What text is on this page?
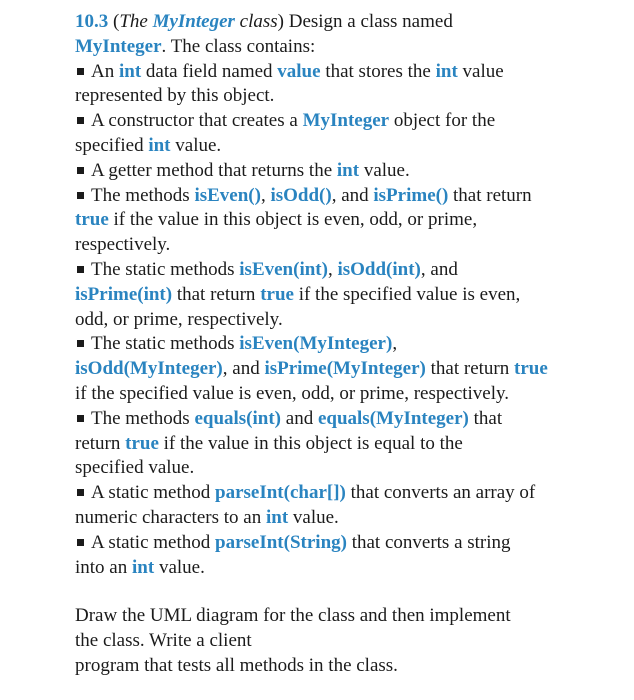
10.3 (The MyInteger class) Design a class named
MyInteger. The class contains:
An int data field named value that stores the int value
represented by this object.
A constructor that creates a MyInteger object for the
specified int value.
A getter method that returns the int value.
The methods isEven(), isOdd(), and isPrime() that return
true if the value in this object is even, odd, or prime,
respectively.
The static methods isEven(int), isOdd(int), and
isPrime(int) that return true if the specified value is even,
odd, or prime, respectively.
The static methods isEven(MyInteger),
isOdd(MyInteger), and isPrime(MyInteger) that return true
if the specified value is even, odd, or prime, respectively.
The methods equals(int) and equals(MyInteger) that
return true if the value in this object is equal to the
specified value.
A static method parseInt(char[]) that converts an array of
numeric characters to an int value.
A static method parseInt(String) that converts a string
into an int value.
Draw the UML diagram for the class and then implement
the class. Write a client
program that tests all methods in the class.
